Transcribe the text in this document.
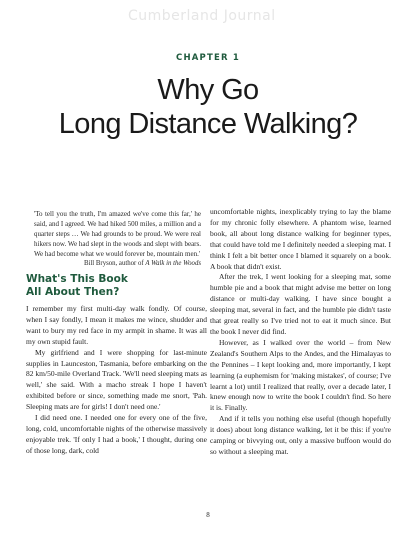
Cumberland Journal
CHAPTER 1
Why Go
Long Distance Walking?

'To tell you the truth, I'm amazed we've come this far,' he said, and I agreed. We had hiked 500 miles, a million and a quarter steps … We had grounds to be proud. We were real hikers now. We had slept in the woods and slept with bears. We had become what we would forever be, mountain men.'

Bill Bryson, author of A Walk in the Woods

What's This Book
All About Then?

I remember my first multi-day walk fondly. Of course, when I say fondly, I mean it makes me wince, shudder and want to bury my red face in my armpit in shame. It was all my own stupid fault.

My girlfriend and I were shopping for last-minute supplies in Launceston, Tasmania, before embarking on the 82 km/50-mile Overland Track. 'We'll need sleeping mats as well,' she said. With a macho streak I hope I haven't exhibited before or since, something made me snort, 'Pah. Sleeping mats are for girls! I don't need one.'

I did need one. I needed one for every one of the five, long, cold, uncomfortable nights of the otherwise massively enjoyable trek. 'If only I had a book,' I thought, during one of those long, dark, cold

uncomfortable nights, inexplicably trying to lay the blame for my chronic folly elsewhere. A phantom wise, learned book, all about long distance walking for beginner types, that could have told me I definitely needed a sleeping mat. I think I felt a bit better once I blamed it squarely on a book. A book that didn't exist.

After the trek, I went looking for a sleeping mat, some humble pie and a book that might advise me better on long distance or multi-day walking. I have since bought a sleeping mat, several in fact, and the humble pie didn't taste that great really so I've tried not to eat it much since. But the book I never did find.

However, as I walked over the world – from New Zealand's Southern Alps to the Andes, and the Himalayas to the Pennines – I kept looking and, more importantly, I kept learning (a euphemism for 'making mistakes', of course; I've learnt a lot) until I realized that really, over a decade later, I knew enough now to write the book I couldn't find. So here it is. Finally.

And if it tells you nothing else useful (though hopefully it does) about long distance walking, let it be this: if you're camping or bivvying out, only a massive buffoon would do so without a sleeping mat.

8
